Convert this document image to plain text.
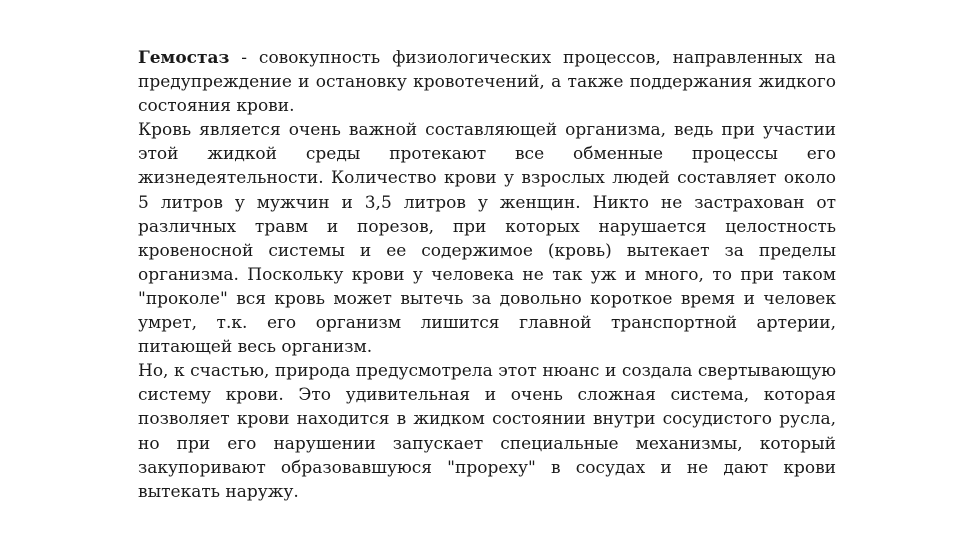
Гемостаз - совокупность физиологических процессов, направленных на предупреждение и остановку кровотечений, а также поддержания жидкого состояния крови.

Кровь является очень важной составляющей организма, ведь при участии этой жидкой среды протекают все обменные процессы его жизнедеятельности. Количество крови у взрослых людей составляет около 5 литров у мужчин и 3,5 литров у женщин. Никто не застрахован от различных травм и порезов, при которых нарушается целостность кровеносной системы и ее содержимое (кровь) вытекает за пределы организма. Поскольку крови у человека не так уж и много, то при таком "проколе" вся кровь может вытечь за довольно короткое время и человек умрет, т.к. его организм лишится главной транспортной артерии, питающей весь организм.

Но, к счастью, природа предусмотрела этот нюанс и создала свертывающую систему крови. Это удивительная и очень сложная система, которая позволяет крови находится в жидком состоянии внутри сосудистого русла, но при его нарушении запускает специальные механизмы, который закупоривают образовавшуюся "прореху" в сосудах и не дают крови вытекать наружу.
